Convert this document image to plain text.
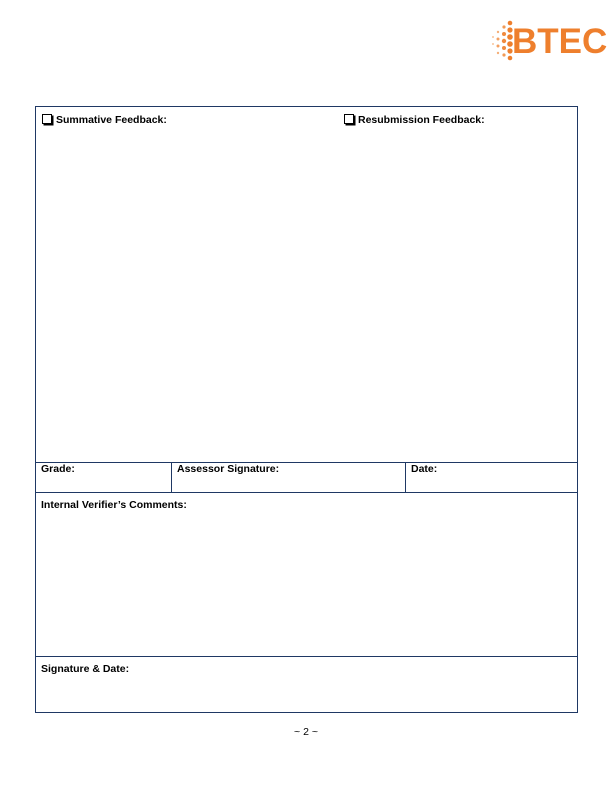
BTEC
Summative Feedback:	Resubmission Feedback:

Grade:	Assessor Signature:	Date:

Internal Verifier’s Comments:

Signature & Date:
~ 2 ~
